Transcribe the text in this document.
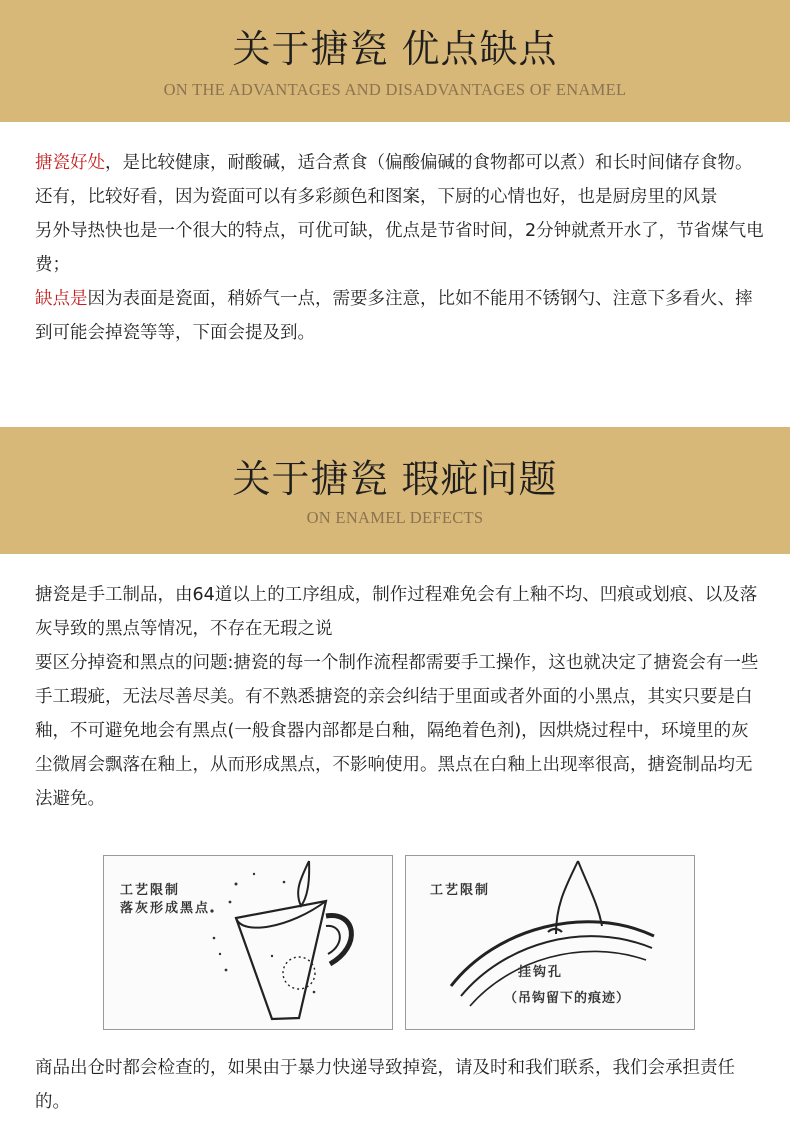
关于搪瓷 优点缺点
ON THE ADVANTAGES AND DISADVANTAGES OF ENAMEL
搪瓷好处，是比较健康，耐酸碱，适合煮食（偏酸偏碱的食物都可以煮）和长时间储存食物。还有，比较好看，因为瓷面可以有多彩颜色和图案，下厨的心情也好，也是厨房里的风景
另外导热快也是一个很大的特点，可优可缺，优点是节省时间，2分钟就煮开水了，节省煤气电费；
缺点是因为表面是瓷面，稍娇气一点，需要多注意，比如不能用不锈钢勺、注意下多看火、摔到可能会掉瓷等等，下面会提及到。
关于搪瓷 瑕疵问题
ON ENAMEL DEFECTS
搪瓷是手工制品，由64道以上的工序组成，制作过程难免会有上釉不均、凹痕或划痕、以及落灰导致的黑点等情况，不存在无瑕之说
要区分掉瓷和黑点的问题:搪瓷的每一个制作流程都需要手工操作，这也就决定了搪瓷会有一些手工瑕疵，无法尽善尽美。有不熟悉搪瓷的亲会纠结于里面或者外面的小黑点，其实只要是白釉，不可避免地会有黑点(一般食器内部都是白釉，隔绝着色剂)，因烘烧过程中，环境里的灰尘微屑会飘落在釉上，从而形成黑点，不影响使用。黑点在白釉上出现率很高，搪瓷制品均无法避免。
工艺限制
落灰形成黑点
工艺限制
挂钩孔
（吊钩留下的痕迹）
商品出仓时都会检查的，如果由于暴力快递导致掉瓷，请及时和我们联系，我们会承担责任的。
